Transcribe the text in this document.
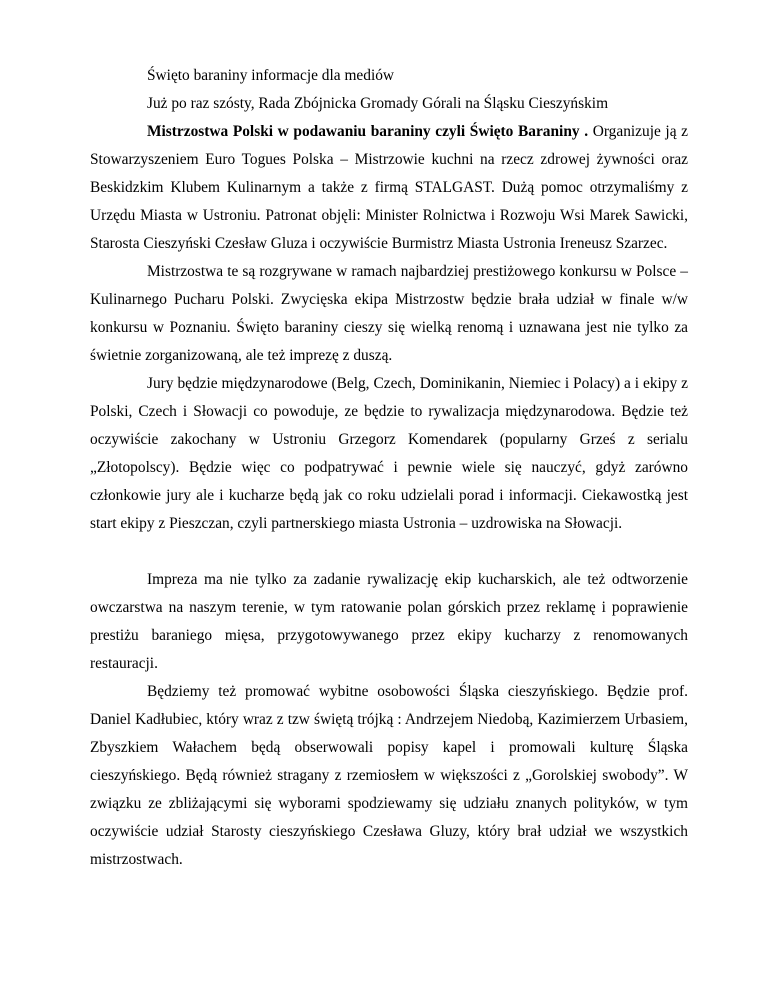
Święto baraniny informacje dla mediów

Już po raz szósty, Rada Zbójnicka Gromady Górali na Śląsku Cieszyńskim

Mistrzostwa Polski w podawaniu baraniny czyli Święto Baraniny . Organizuje ją z Stowarzyszeniem Euro Togues Polska – Mistrzowie kuchni na rzecz zdrowej żywności oraz Beskidzkim Klubem Kulinarnym a także z firmą STALGAST. Dużą pomoc otrzymaliśmy z Urzędu Miasta w Ustroniu. Patronat objęli: Minister Rolnictwa i Rozwoju Wsi Marek Sawicki, Starosta Cieszyński Czesław Gluza i oczywiście Burmistrz Miasta Ustronia Ireneusz Szarzec.

Mistrzostwa te są rozgrywane w ramach najbardziej prestiżowego konkursu w Polsce – Kulinarnego Pucharu Polski. Zwycięska ekipa Mistrzostw będzie brała udział w finale w/w konkursu w Poznaniu. Święto baraniny cieszy się wielką renomą i uznawana jest nie tylko za świetnie zorganizowaną, ale też imprezę z duszą.

Jury będzie międzynarodowe (Belg, Czech, Dominikanin, Niemiec i Polacy) a i ekipy z Polski, Czech i Słowacji co powoduje, ze będzie to rywalizacja międzynarodowa. Będzie też oczywiście zakochany w Ustroniu Grzegorz Komendarek (popularny Grześ z serialu „Złotopolscy). Będzie więc co podpatrywać i pewnie wiele się nauczyć, gdyż zarówno członkowie jury ale i kucharze będą jak co roku udzielali porad i informacji. Ciekawostką jest start ekipy z Pieszczan, czyli partnerskiego miasta Ustronia – uzdrowiska na Słowacji.

Impreza ma nie tylko za zadanie rywalizację ekip kucharskich, ale też odtworzenie owczarstwa na naszym terenie, w tym ratowanie polan górskich przez reklamę i poprawienie prestiżu baraniego mięsa, przygotowywanego przez ekipy kucharzy z renomowanych restauracji.

Będziemy też promować wybitne osobowości Śląska cieszyńskiego. Będzie prof. Daniel Kadłubiec, który wraz z tzw świętą trójką : Andrzejem Niedobą, Kazimierzem Urbasiem, Zbyszkiem Wałachem będą obserwowali popisy kapel i promowali kulturę Śląska cieszyńskiego. Będą również stragany z rzemiosłem w większości z „Gorolskiej swobody”. W związku ze zbliżającymi się wyborami spodziewamy się udziału znanych polityków, w tym oczywiście udział Starosty cieszyńskiego Czesława Gluzy, który brał udział we wszystkich mistrzostwach.
